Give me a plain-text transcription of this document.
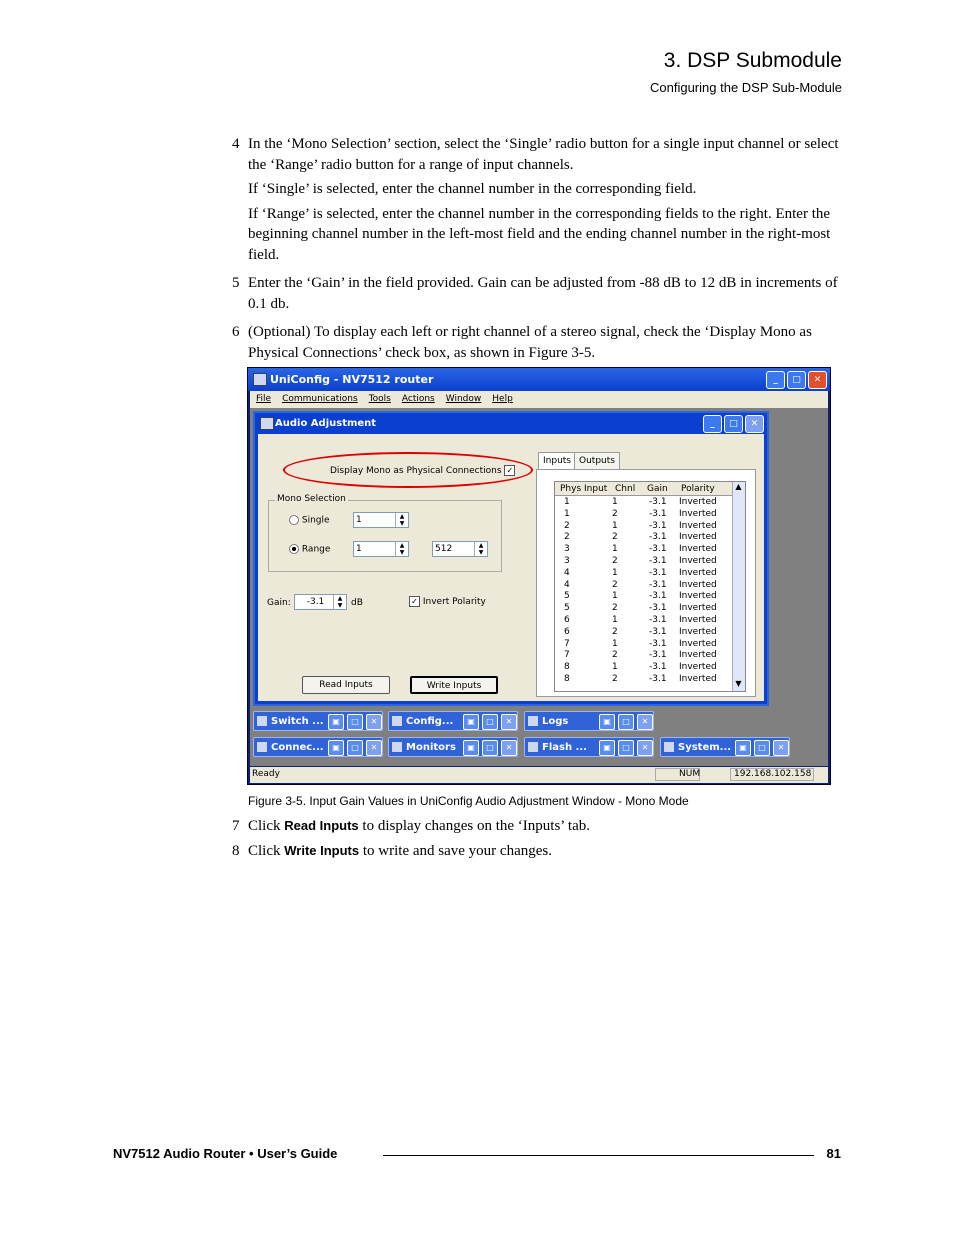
3. DSP Submodule
Configuring the DSP Sub-Module
4 In the ‘Mono Selection’ section, select the ‘Single’ radio button for a single input channel or select the ‘Range’ radio button for a range of input channels.

If ‘Single’ is selected, enter the channel number in the corresponding field.

If ‘Range’ is selected, enter the channel number in the corresponding fields to the right. Enter the beginning channel number in the left-most field and the ending channel number in the right-most field.

5 Enter the ‘Gain’ in the field provided. Gain can be adjusted from -88 dB to 12 dB in increments of 0.1 db.

6 (Optional) To display each left or right channel of a stereo signal, check the ‘Display Mono as Physical Connections’ check box, as shown in Figure 3-5.

UniConfig - NV7512 router	_	□	✕
File Communications Tools Actions Window Help
Audio Adjustment	_	□	✕
Display Mono as Physical Connections ✓
Mono Selection
Single	1	▲
▼
Range	1	▲
▼	512	▲
▼
Gain:	-3.1	▲
▼ dB	✓ Invert Polarity
Read Inputs	Write Inputs
Inputs Outputs
Phys Input Chnl Gain Polarity
1	1	-3.1 Inverted
1	2	-3.1 Inverted
2	1	-3.1 Inverted
2	2	-3.1 Inverted
3	1	-3.1 Inverted
3	2	-3.1 Inverted
4	1	-3.1 Inverted
4	2	-3.1 Inverted
5	1	-3.1 Inverted
5	2	-3.1 Inverted
6	1	-3.1 Inverted
6	2	-3.1 Inverted
7	1	-3.1 Inverted
7	2	-3.1 Inverted
8	1	-3.1 Inverted
8	2	-3.1 Inverted
▲
▼
Switch ...	▣	□	✕	Config...	▣	□	✕	Logs	▣	□	✕
Connec...	▣	□	✕	Monitors	▣	□	✕	Flash ...	▣	□	✕	System...	▣	□	✕
Ready	NUM	192.168.102.158
Figure 3-5. Input Gain Values in UniConfig Audio Adjustment Window - Mono Mode
7 Click Read Inputs to display changes on the ‘Inputs’ tab.
8 Click Write Inputs to write and save your changes.
NV7512 Audio Router • User’s Guide	81
